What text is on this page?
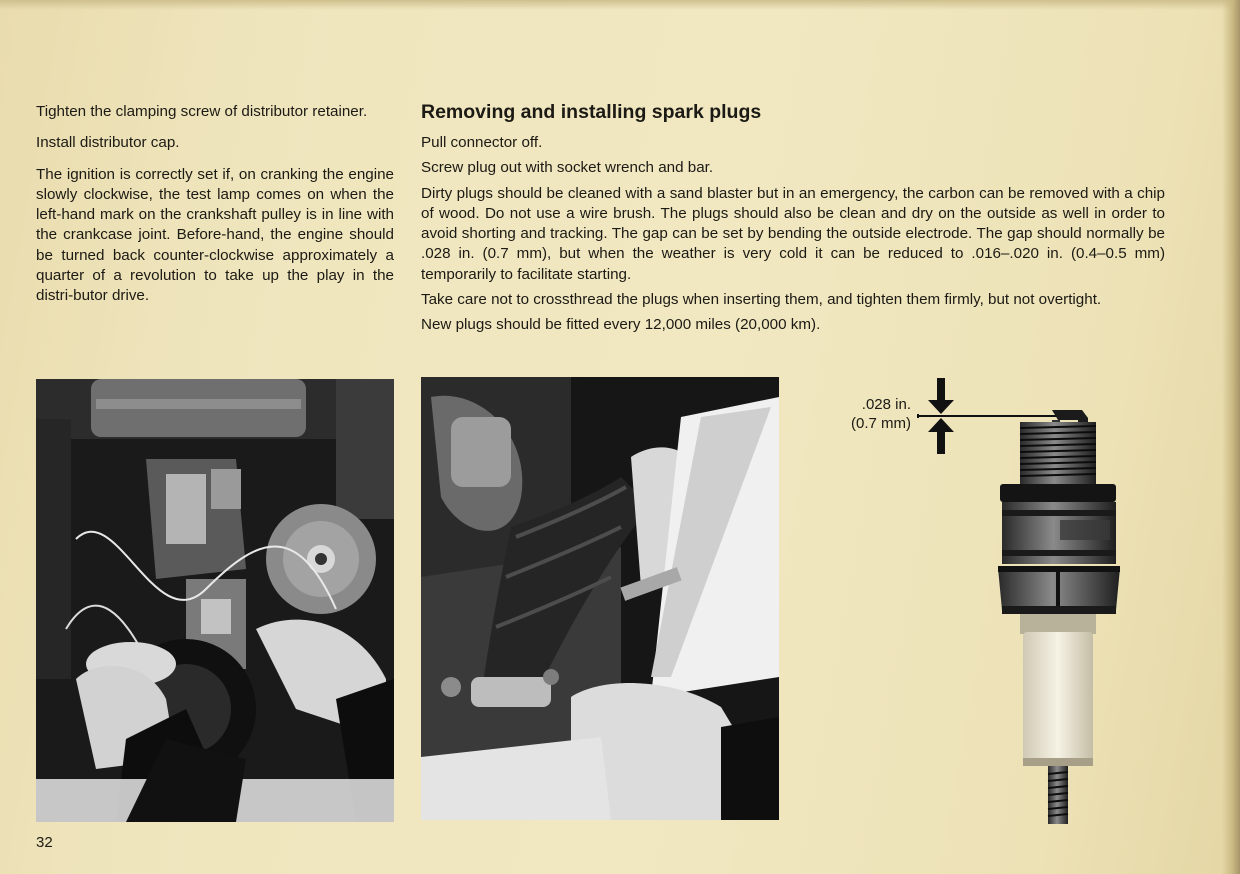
Tighten the clamping screw of distributor retainer.

Install distributor cap.

The ignition is correctly set if, on cranking the engine slowly clockwise, the test lamp comes on when the left-hand mark on the crankshaft pulley is in line with the crankcase joint. Before-hand, the engine should be turned back counter-clockwise approximately a quarter of a revolution to take up the play in the distri-butor drive.

Removing and installing spark plugs

Pull connector off.

Screw plug out with socket wrench and bar.

Dirty plugs should be cleaned with a sand blaster but in an emergency, the carbon can be removed with a chip of wood. Do not use a wire brush. The plugs should also be clean and dry on the outside as well in order to avoid shorting and tracking. The gap can be set by bending the outside electrode. The gap should normally be .028 in. (0.7 mm), but when the weather is very cold it can be reduced to .016–.020 in. (0.4–0.5 mm) temporarily to facilitate starting.

Take care not to crossthread the plugs when inserting them, and tighten them firmly, but not overtight.

New plugs should be fitted every 12,000 miles (20,000 km).

.028 in.
(0.7 mm)
32
